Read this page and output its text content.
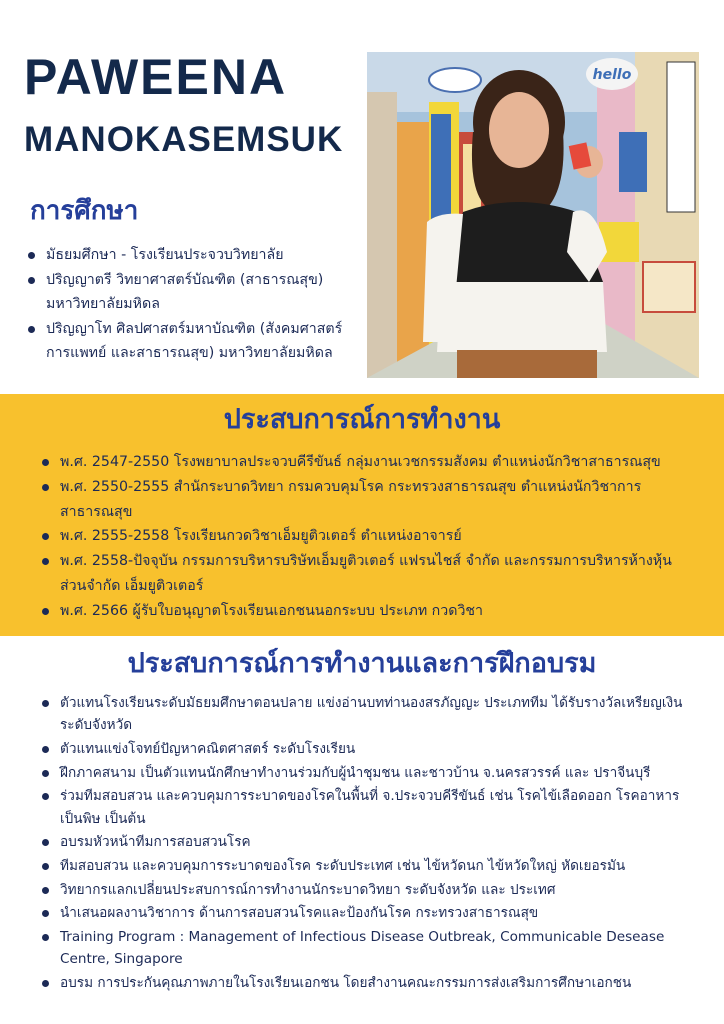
PAWEENA
MANOKASEMSUK
การศึกษา
มัธยมศึกษา - โรงเรียนประจวบวิทยาลัย
ปริญญาตรี วิทยาศาสตร์บัณฑิต (สาธารณสุข) มหาวิทยาลัยมหิดล
ปริญญาโท ศิลปศาสตร์มหาบัณฑิต (สังคมศาสตร์การแพทย์ และสาธารณสุข) มหาวิทยาลัยมหิดล
hello
ประสบการณ์การทำงาน
พ.ศ. 2547-2550 โรงพยาบาลประจวบคีรีขันธ์ กลุ่มงานเวชกรรมสังคม ตำแหน่งนักวิชาสาธารณสุข
พ.ศ. 2550-2555 สำนักระบาดวิทยา กรมควบคุมโรค กระทรวงสาธารณสุข ตำแหน่งนักวิชาการสาธารณสุข
พ.ศ. 2555-2558 โรงเรียนกวดวิชาเอ็มยูติวเตอร์ ตำแหน่งอาจารย์
พ.ศ. 2558-ปัจจุบัน กรรมการบริหารบริษัทเอ็มยูติวเตอร์ แฟรนไชส์ จำกัด และกรรมการบริหารห้างหุ้นส่วนจำกัด เอ็มยูติวเตอร์
พ.ศ. 2566 ผู้รับใบอนุญาตโรงเรียนเอกชนนอกระบบ ประเภท กวดวิชา
ประสบการณ์การทำงานและการฝึกอบรม
ตัวแทนโรงเรียนระดับมัธยมศึกษาตอนปลาย แข่งอ่านบทท่านองสรภัญญะ ประเภททีม ได้รับรางวัลเหรียญเงินระดับจังหวัด
ตัวแทนแข่งโจทย์ปัญหาคณิตศาสตร์ ระดับโรงเรียน
ฝึกภาคสนาม เป็นตัวแทนนักศึกษาทำงานร่วมกับผู้นำชุมชน และชาวบ้าน จ.นครสวรรค์ และ ปราจีนบุรี
ร่วมทีมสอบสวน และควบคุมการระบาดของโรคในพื้นที่ จ.ประจวบคีรีขันธ์ เช่น โรคไข้เลือดออก โรคอาหารเป็นพิษ เป็นต้น
อบรมหัวหน้าทีมการสอบสวนโรค
ทีมสอบสวน และควบคุมการระบาดของโรค ระดับประเทศ เช่น ไข้หวัดนก ไข้หวัดใหญ่ หัดเยอรมัน
วิทยากรแลกเปลี่ยนประสบการณ์การทำงานนักระบาดวิทยา ระดับจังหวัด และ ประเทศ
นำเสนอผลงานวิชาการ ด้านการสอบสวนโรคและป้องกันโรค กระทรวงสาธารณสุข
Training Program : Management of Infectious Disease Outbreak, Communicable Desease Centre, Singapore
อบรม การประกันคุณภาพภายในโรงเรียนเอกชน โดยสำงานคณะกรรมการส่งเสริมการศึกษาเอกชน
